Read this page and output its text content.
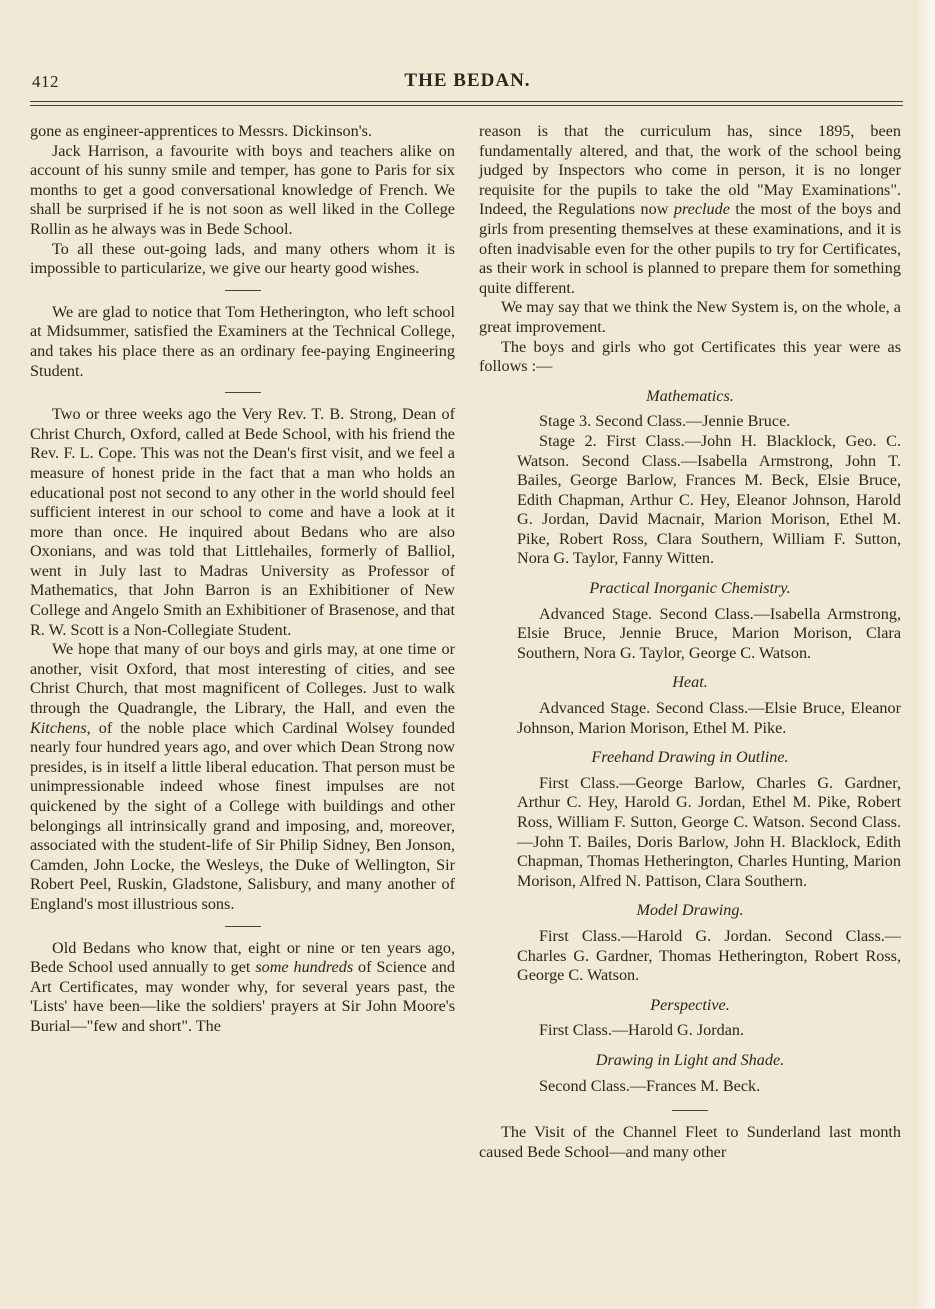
412	THE BEDAN.

gone as engineer-apprentices to Messrs. Dickinson's.

Jack Harrison, a favourite with boys and teachers alike on account of his sunny smile and temper, has gone to Paris for six months to get a good conversational knowledge of French. We shall be surprised if he is not soon as well liked in the College Rollin as he always was in Bede School.

To all these out-going lads, and many others whom it is impossible to particularize, we give our hearty good wishes.

We are glad to notice that Tom Hetherington, who left school at Midsummer, satisfied the Examiners at the Technical College, and takes his place there as an ordinary fee-paying Engineering Student.

Two or three weeks ago the Very Rev. T. B. Strong, Dean of Christ Church, Oxford, called at Bede School, with his friend the Rev. F. L. Cope. This was not the Dean's first visit, and we feel a measure of honest pride in the fact that a man who holds an educational post not second to any other in the world should feel sufficient interest in our school to come and have a look at it more than once. He inquired about Bedans who are also Oxonians, and was told that Littlehailes, formerly of Balliol, went in July last to Madras University as Professor of Mathematics, that John Barron is an Exhibitioner of New College and Angelo Smith an Exhibitioner of Brasenose, and that R. W. Scott is a Non-Collegiate Student.

We hope that many of our boys and girls may, at one time or another, visit Oxford, that most interesting of cities, and see Christ Church, that most magnificent of Colleges. Just to walk through the Quadrangle, the Library, the Hall, and even the Kitchens, of the noble place which Cardinal Wolsey founded nearly four hundred years ago, and over which Dean Strong now presides, is in itself a little liberal education. That person must be unimpressionable indeed whose finest impulses are not quickened by the sight of a College with buildings and other belongings all intrinsically grand and imposing, and, moreover, associated with the student-life of Sir Philip Sidney, Ben Jonson, Camden, John Locke, the Wesleys, the Duke of Wellington, Sir Robert Peel, Ruskin, Gladstone, Salisbury, and many another of England's most illustrious sons.

Old Bedans who know that, eight or nine or ten years ago, Bede School used annually to get some hundreds of Science and Art Certificates, may wonder why, for several years past, the 'Lists' have been—like the soldiers' prayers at Sir John Moore's Burial—"few and short". The

reason is that the curriculum has, since 1895, been fundamentally altered, and that, the work of the school being judged by Inspectors who come in person, it is no longer requisite for the pupils to take the old "May Examinations". Indeed, the Regulations now preclude the most of the boys and girls from presenting themselves at these examinations, and it is often inadvisable even for the other pupils to try for Certificates, as their work in school is planned to prepare them for something quite different.

We may say that we think the New System is, on the whole, a great improvement.

The boys and girls who got Certificates this year were as follows :—

Mathematics.

Stage 3. Second Class.—Jennie Bruce.

Stage 2. First Class.—John H. Blacklock, Geo. C. Watson. Second Class.—Isabella Armstrong, John T. Bailes, George Barlow, Frances M. Beck, Elsie Bruce, Edith Chapman, Arthur C. Hey, Eleanor Johnson, Harold G. Jordan, David Macnair, Marion Morison, Ethel M. Pike, Robert Ross, Clara Southern, William F. Sutton, Nora G. Taylor, Fanny Witten.

Practical Inorganic Chemistry.

Advanced Stage. Second Class.—Isabella Armstrong, Elsie Bruce, Jennie Bruce, Marion Morison, Clara Southern, Nora G. Taylor, George C. Watson.

Heat.

Advanced Stage. Second Class.—Elsie Bruce, Eleanor Johnson, Marion Morison, Ethel M. Pike.

Freehand Drawing in Outline.

First Class.—George Barlow, Charles G. Gardner, Arthur C. Hey, Harold G. Jordan, Ethel M. Pike, Robert Ross, William F. Sutton, George C. Watson. Second Class.—John T. Bailes, Doris Barlow, John H. Blacklock, Edith Chapman, Thomas Hetherington, Charles Hunting, Marion Morison, Alfred N. Pattison, Clara Southern.

Model Drawing.

First Class.—Harold G. Jordan. Second Class.—Charles G. Gardner, Thomas Hetherington, Robert Ross, George C. Watson.

Perspective.

First Class.—Harold G. Jordan.

Drawing in Light and Shade.

Second Class.—Frances M. Beck.

The Visit of the Channel Fleet to Sunderland last month caused Bede School—and many other
